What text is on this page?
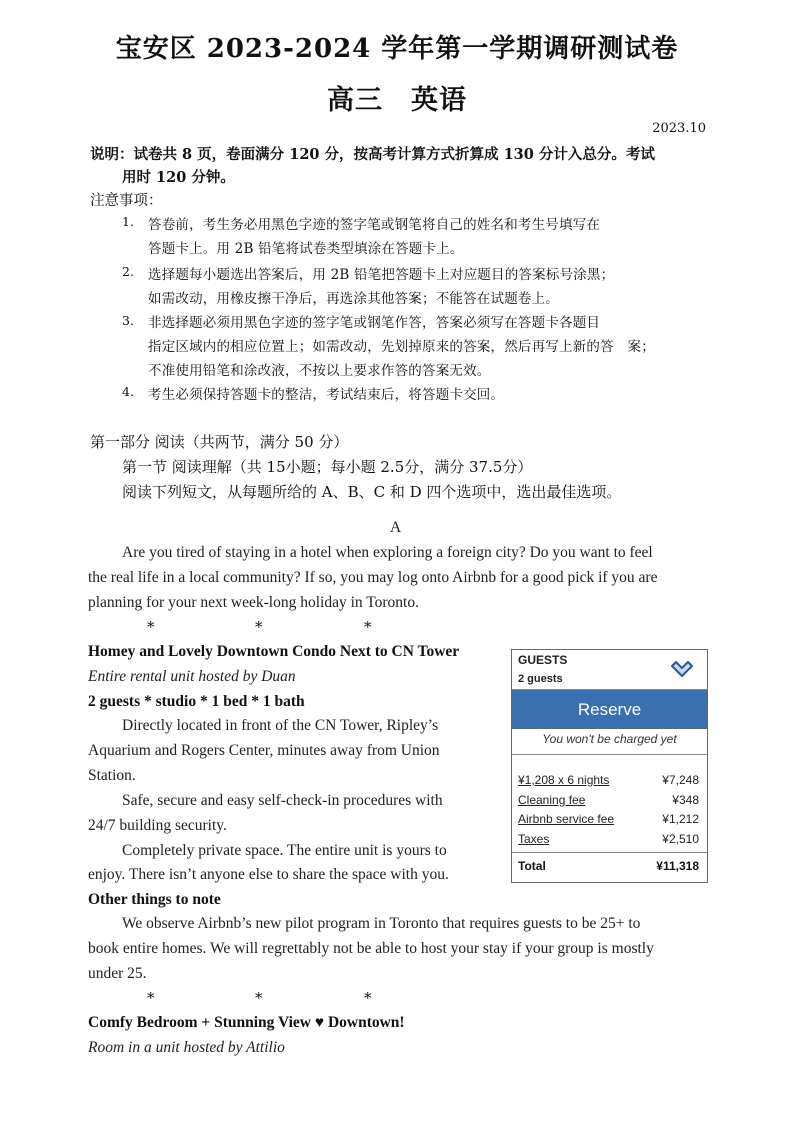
宝安区 2023-2024 学年第一学期调研测试卷
高三　英语
2023.10
说明：试卷共 8 页，卷面满分 120 分，按高考计算方式折算成 130 分计入总分。考试
用时 120 分钟。
注意事项：
1. 答卷前，考生务必用黑色字迹的签字笔或钢笔将自己的姓名和考生号填写在
答题卡上。用 2B 铅笔将试卷类型填涂在答题卡上。
2. 选择题每小题选出答案后，用 2B 铅笔把答题卡上对应题目的答案标号涂黑；
如需改动，用橡皮擦干净后，再选涂其他答案；不能答在试题卷上。
3. 非选择题必须用黑色字迹的签字笔或钢笔作答，答案必须写在答题卡各题目
指定区域内的相应位置上；如需改动，先划掉原来的答案，然后再写上新的答　案；
不准使用铅笔和涂改液，不按以上要求作答的答案无效。
4. 考生必须保持答题卡的整洁，考试结束后，将答题卡交回。
第一部分 阅读（共两节，满分 50 分）
第一节 阅读理解（共 15小题；每小题 2.5分，满分 37.5分）
阅读下列短文，从每题所给的 A、B、C 和 D 四个选项中，选出最佳选项。
A
Are you tired of staying in a hotel when exploring a foreign city? Do you want to feel
the real life in a local community? If so, you may log onto Airbnb for a good pick if you are
planning for your next week-long holiday in Toronto.
*	*	*
Homey and Lovely Downtown Condo Next to CN Tower
Entire rental unit hosted by Duan
2 guests * studio * 1 bed * 1 bath
Directly located in front of the CN Tower, Ripley’s
Aquarium and Rogers Center, minutes away from Union
Station.
Safe, secure and easy self-check-in procedures with
24/7 building security.
Completely private space. The entire unit is yours to
enjoy. There isn’t anyone else to share the space with you.
Other things to note
We observe Airbnb’s new pilot program in Toronto that requires guests to be 25+ to
book entire homes. We will regrettably not be able to host your stay if your group is mostly
under 25.
*	*	*
Comfy Bedroom + Stunning View ♥ Downtown!
Room in a unit hosted by Attilio
GUESTS
2 guests
Reserve
You won't be charged yet
¥1,208 x 6 nights	¥7,248
Cleaning fee	¥348
Airbnb service fee	¥1,212
Taxes	¥2,510
Total	¥11,318
